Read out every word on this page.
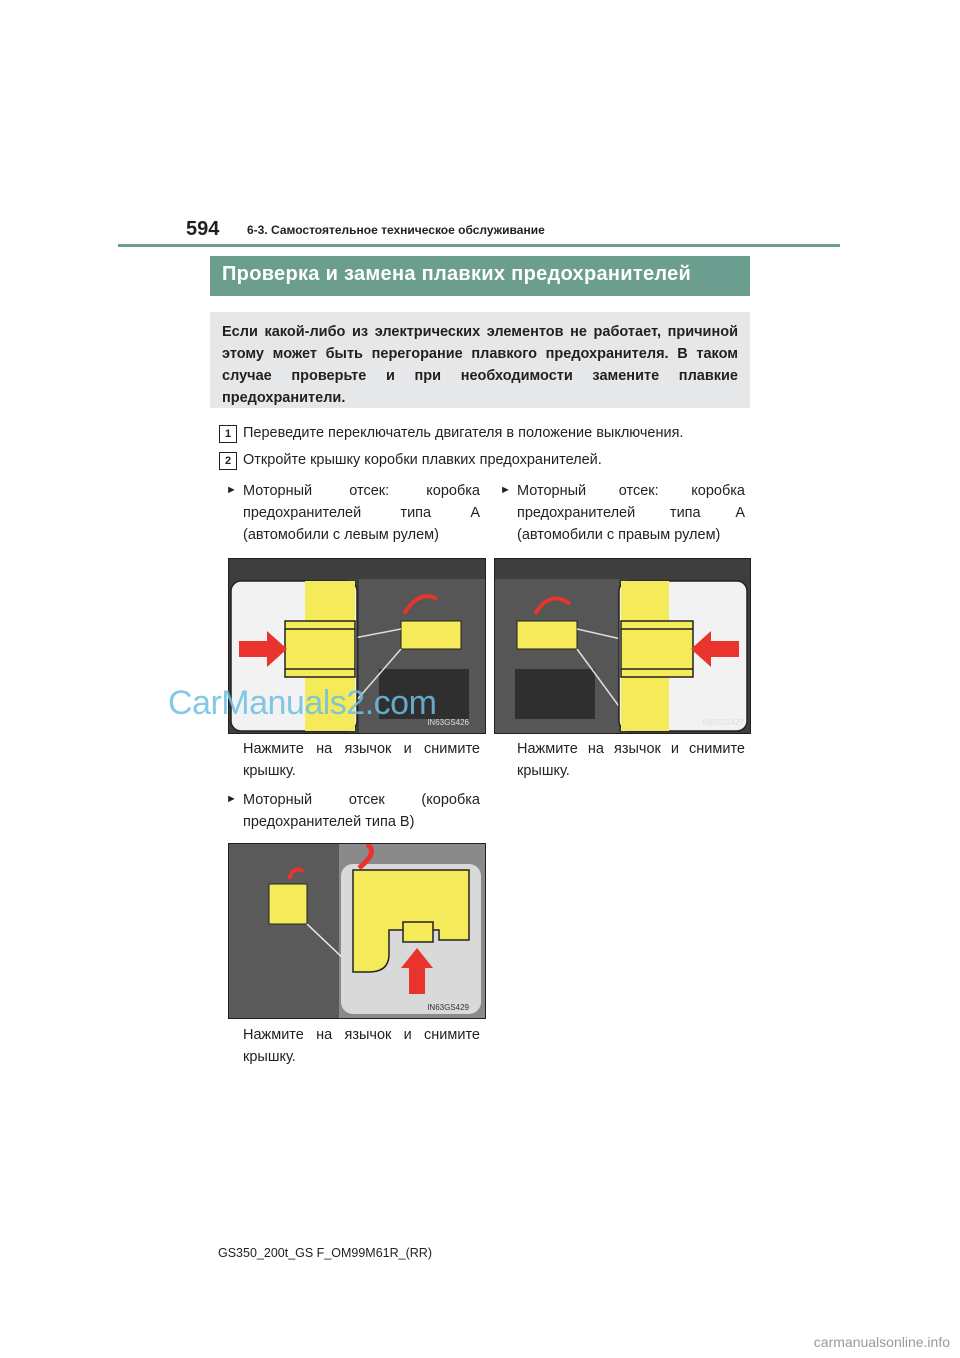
594 6-3. Самостоятельное техническое обслуживание
Проверка и замена плавких предохранителей

Если какой-либо из электрических элементов не работает, причиной этому может быть перегорание плавкого предохранителя. В таком случае проверьте и при необходимости замените плавкие предохранители.

1 Переведите переключатель двигателя в положение выключения.
2 Откройте крышку коробки плавких предохранителей.
► Моторный отсек: коробка предохранителей типа A (автомобили с левым рулем)
► Моторный отсек: коробка предохранителей типа A (автомобили с правым рулем)
IN63GS426	IN63GS427
CarManuals2.com
Нажмите на язычок и снимите крышку.
Нажмите на язычок и снимите крышку.
► Моторный отсек (коробка предохранителей типа B)
IN63GS429
Нажмите на язычок и снимите крышку.
GS350_200t_GS F_OM99M61R_(RR)
carmanualsonline.info
